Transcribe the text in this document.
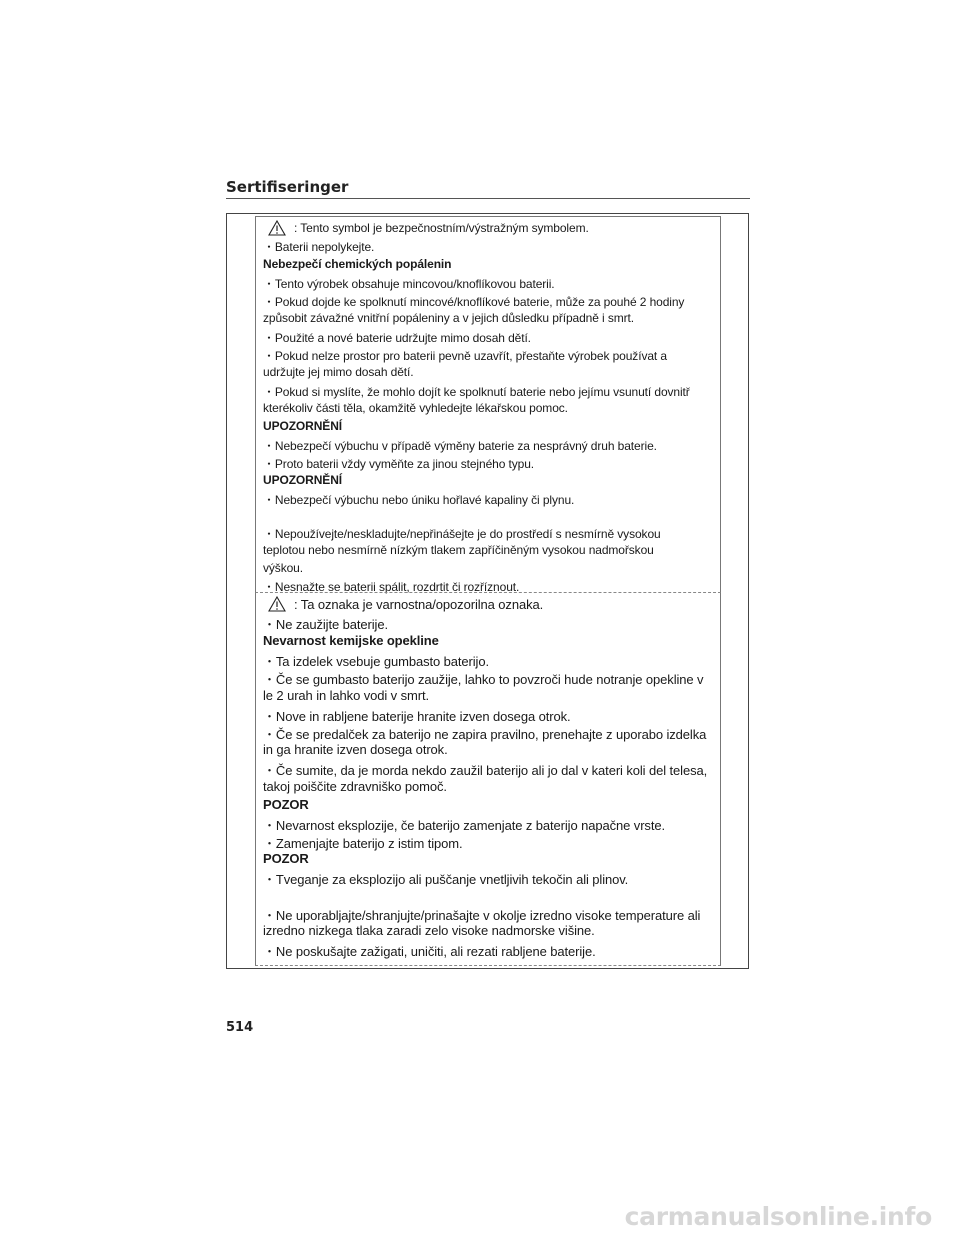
Sertifiseringer
: Tento symbol je bezpečnostním/výstražným symbolem.
・Baterii nepolykejte.
Nebezpečí chemických popálenin
・Tento výrobek obsahuje mincovou/knoflíkovou baterii.
・Pokud dojde ke spolknutí mincové/knoflíkové baterie, může za pouhé 2 hodiny
způsobit závažné vnitřní popáleniny a v jejich důsledku případně i smrt.
・Použité a nové baterie udržujte mimo dosah dětí.
・Pokud nelze prostor pro baterii pevně uzavřít, přestaňte výrobek používat a
udržujte jej mimo dosah dětí.
・Pokud si myslíte, že mohlo dojít ke spolknutí baterie nebo jejímu vsunutí dovnitř
kterékoliv části těla, okamžitě vyhledejte lékařskou pomoc.
UPOZORNĚNÍ
・Nebezpečí výbuchu v případě výměny baterie za nesprávný druh baterie.
・Proto baterii vždy vyměňte za jinou stejného typu.
UPOZORNĚNÍ
・Nebezpečí výbuchu nebo úniku hořlavé kapaliny či plynu.
・Nepoužívejte/neskladujte/nepřinášejte je do prostředí s nesmírně vysokou
teplotou nebo nesmírně nízkým tlakem zapříčiněným vysokou nadmořskou
výškou.
・Nesnažte se baterii spálit, rozdrtit či rozříznout.
: Ta oznaka je varnostna/opozorilna oznaka.
・Ne zaužijte baterije.
Nevarnost kemijske opekline
・Ta izdelek vsebuje gumbasto baterijo.
・Če se gumbasto baterijo zaužije, lahko to povzroči hude notranje opekline v
le 2 urah in lahko vodi v smrt.
・Nove in rabljene baterije hranite izven dosega otrok.
・Če se predalček za baterijo ne zapira pravilno, prenehajte z uporabo izdelka
in ga hranite izven dosega otrok.
・Če sumite, da je morda nekdo zaužil baterijo ali jo dal v kateri koli del telesa,
takoj poiščite zdravniško pomoč.
POZOR
・Nevarnost eksplozije, če baterijo zamenjate z baterijo napačne vrste.
・Zamenjajte baterijo z istim tipom.
POZOR
・Tveganje za eksplozijo ali puščanje vnetljivih tekočin ali plinov.
・Ne uporabljajte/shranjujte/prinašajte v okolje izredno visoke temperature ali
izredno nizkega tlaka zaradi zelo visoke nadmorske višine.
・Ne poskušajte zažigati, uničiti, ali rezati rabljene baterije.
514
carmanualsonline.info
